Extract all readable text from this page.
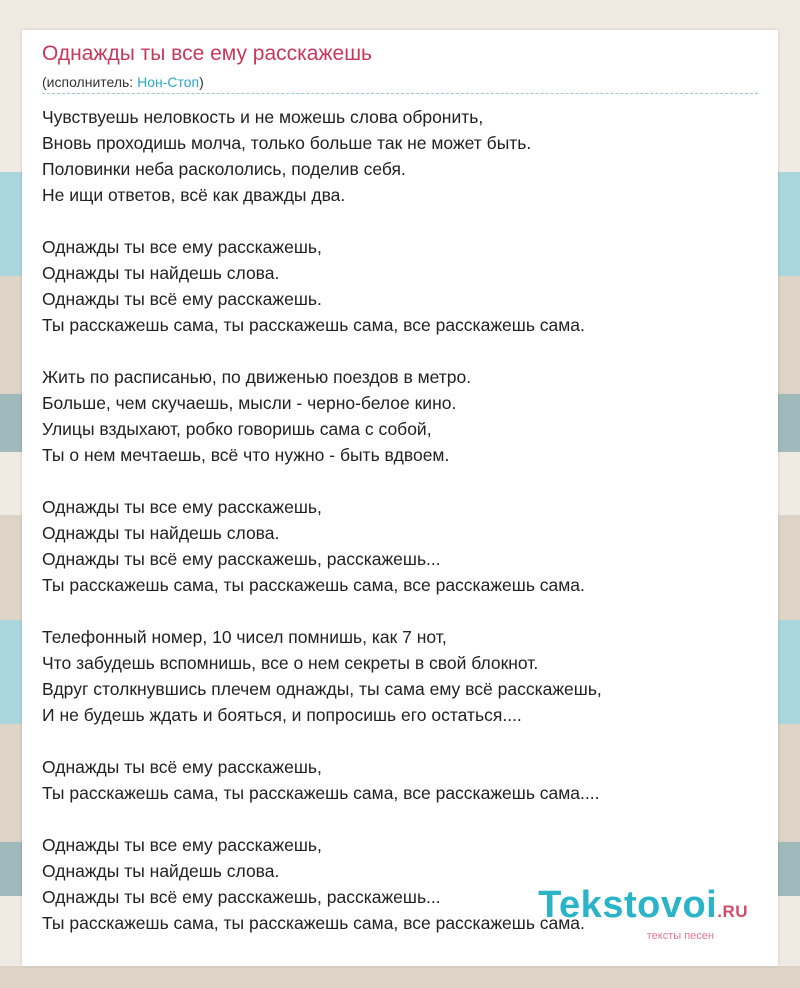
Однажды ты все ему расскажешь
(исполнитель: Нон-Стоп)
Чувствуешь неловкость и не можешь слова обронить,
Вновь проходишь молча, только больше так не может быть.
Половинки неба раскололись, поделив себя.
Не ищи ответов, всё как дважды два.
Однажды ты все ему расскажешь,
Однажды ты найдешь слова.
Однажды ты всё ему расскажешь.
Ты расскажешь сама, ты расскажешь сама, все расскажешь сама.
Жить по расписанью, по движенью поездов в метро.
Больше, чем скучаешь, мысли - черно-белое кино.
Улицы вздыхают, робко говоришь сама с собой,
Ты о нем мечтаешь, всё что нужно - быть вдвоем.
Однажды ты все ему расскажешь,
Однажды ты найдешь слова.
Однажды ты всё ему расскажешь, расскажешь...
Ты расскажешь сама, ты расскажешь сама, все расскажешь сама.
Телефонный номер, 10 чисел помнишь, как 7 нот,
Что забудешь вспомнишь, все о нем секреты в свой блокнот.
Вдруг столкнувшись плечем однажды, ты сама ему всё расскажешь,
И не будешь ждать и бояться, и попросишь его остаться....
Однажды ты всё ему расскажешь,
Ты расскажешь сама, ты расскажешь сама, все расскажешь сама....
Однажды ты все ему расскажешь,
Однажды ты найдешь слова.
Однажды ты всё ему расскажешь, расскажешь...
Ты расскажешь сама, ты расскажешь сама, все расскажешь сама.
Tekstovoi.RU
тексты песен
